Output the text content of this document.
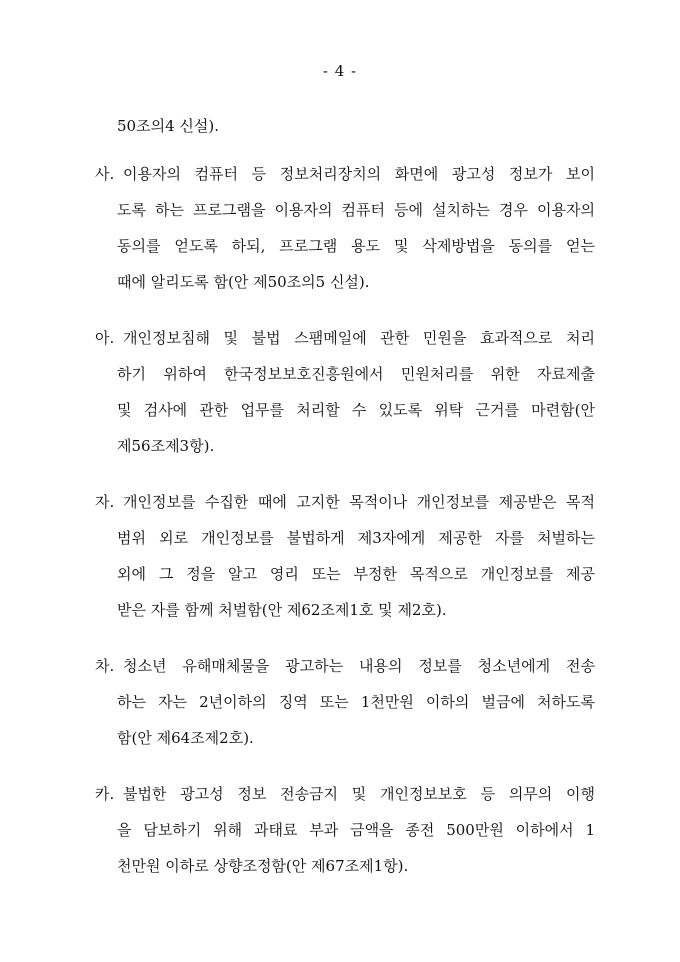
- 4 -
50조의4 신설).
사. 이용자의 컴퓨터 등 정보처리장치의 화면에 광고성 정보가 보이
도록 하는 프로그램을 이용자의 컴퓨터 등에 설치하는 경우 이용자의
동의를 얻도록 하되, 프로그램 용도 및 삭제방법을 동의를 얻는
때에 알리도록 함(안 제50조의5 신설).
아. 개인정보침해 및 불법 스팸메일에 관한 민원을 효과적으로 처리
하기 위하여 한국정보보호진흥원에서 민원처리를 위한 자료제출
및 검사에 관한 업무를 처리할 수 있도록 위탁 근거를 마련함(안
제56조제3항).
자. 개인정보를 수집한 때에 고지한 목적이나 개인정보를 제공받은 목적
범위 외로 개인정보를 불법하게 제3자에게 제공한 자를 처벌하는
외에 그 정을 알고 영리 또는 부정한 목적으로 개인정보를 제공
받은 자를 함께 처벌함(안 제62조제1호 및 제2호).
차. 청소년 유해매체물을 광고하는 내용의 정보를 청소년에게 전송
하는 자는 2년이하의 징역 또는 1천만원 이하의 벌금에 처하도록
함(안 제64조제2호).
카. 불법한 광고성 정보 전송금지 및 개인정보보호 등 의무의 이행
을 담보하기 위해 과태료 부과 금액을 종전 500만원 이하에서 1
천만원 이하로 상향조정함(안 제67조제1항).
